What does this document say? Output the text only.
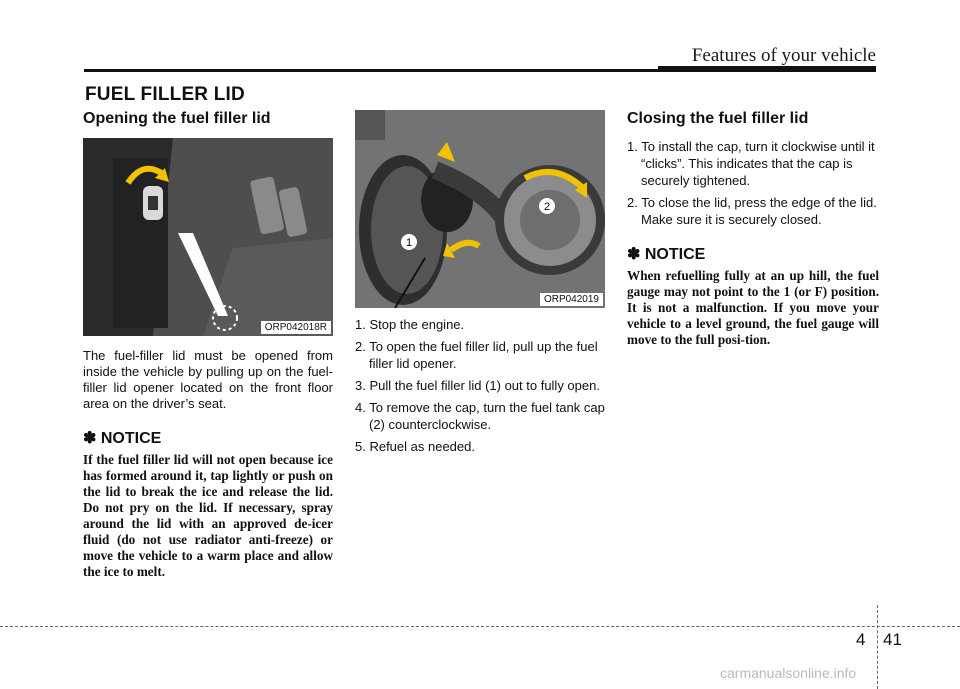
Features of your vehicle
FUEL FILLER LID
Opening the fuel filler lid
ORP042018R

The fuel-filler lid must be opened from inside the vehicle by pulling up on the fuel-filler lid opener located on the front floor area on the driver’s seat.

✽ NOTICE

If the fuel filler lid will not open because ice has formed around it, tap lightly or push on the lid to break the ice and release the lid. Do not pry on the lid. If necessary, spray around the lid with an approved de-icer fluid (do not use radiator anti-freeze) or move the vehicle to a warm place and allow the ice to melt.

1
2
ORP042019
1. Stop the engine.
2. To open the fuel filler lid, pull up the fuel filler lid opener.
3. Pull the fuel filler lid (1) out to fully open.
4. To remove the cap, turn the fuel tank cap (2) counterclockwise.
5. Refuel as needed.
Closing the fuel filler lid
1. To install the cap, turn it clockwise until it “clicks”. This indicates that the cap is securely tightened.
2. To close the lid, press the edge of the lid. Make sure it is securely closed.
✽ NOTICE

When refuelling fully at an up hill, the fuel gauge may not point to the 1 (or F) position. It is not a malfunction. If you move your vehicle to a level ground, the fuel gauge will move to the full posi-tion.

4 41
carmanualsonline.info
